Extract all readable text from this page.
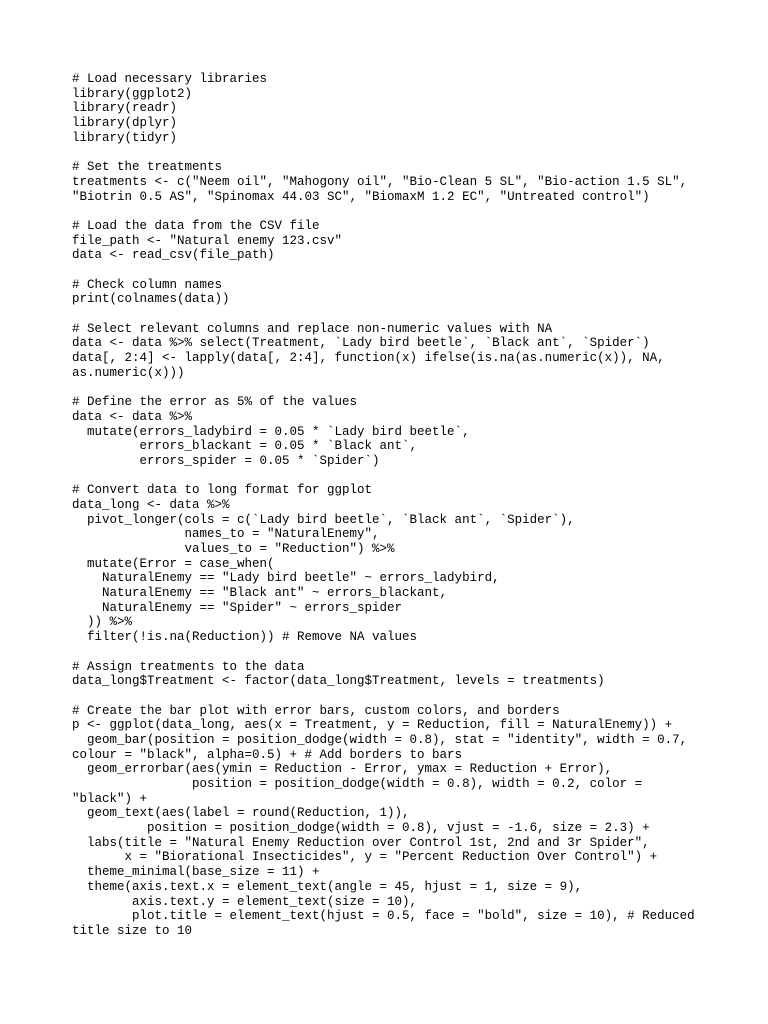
# Load necessary libraries
library(ggplot2)
library(readr)
library(dplyr)
library(tidyr)
# Set the treatments
treatments <- c("Neem oil", "Mahogony oil", "Bio-Clean 5 SL", "Bio-action 1.5 SL",
"Biotrin 0.5 AS", "Spinomax 44.03 SC", "BiomaxM 1.2 EC", "Untreated control")
# Load the data from the CSV file
file_path <- "Natural enemy 123.csv"
data <- read_csv(file_path)
# Check column names
print(colnames(data))
# Select relevant columns and replace non-numeric values with NA
data <- data %>% select(Treatment, `Lady bird beetle`, `Black ant`, `Spider`)
data[, 2:4] <- lapply(data[, 2:4], function(x) ifelse(is.na(as.numeric(x)), NA,
as.numeric(x)))
# Define the error as 5% of the values
data <- data %>%
mutate(errors_ladybird = 0.05 * `Lady bird beetle`,
errors_blackant = 0.05 * `Black ant`,
errors_spider = 0.05 * `Spider`)
# Convert data to long format for ggplot
data_long <- data %>%
pivot_longer(cols = c(`Lady bird beetle`, `Black ant`, `Spider`),
names_to = "NaturalEnemy",
values_to = "Reduction") %>%
mutate(Error = case_when(
NaturalEnemy == "Lady bird beetle" ~ errors_ladybird,
NaturalEnemy == "Black ant" ~ errors_blackant,
NaturalEnemy == "Spider" ~ errors_spider
)) %>%
filter(!is.na(Reduction)) # Remove NA values
# Assign treatments to the data
data_long$Treatment <- factor(data_long$Treatment, levels = treatments)
# Create the bar plot with error bars, custom colors, and borders
p <- ggplot(data_long, aes(x = Treatment, y = Reduction, fill = NaturalEnemy)) +
geom_bar(position = position_dodge(width = 0.8), stat = "identity", width = 0.7,
colour = "black", alpha=0.5) + # Add borders to bars
geom_errorbar(aes(ymin = Reduction - Error, ymax = Reduction + Error),
position = position_dodge(width = 0.8), width = 0.2, color =
"black") +
geom_text(aes(label = round(Reduction, 1)),
position = position_dodge(width = 0.8), vjust = -1.6, size = 2.3) +
labs(title = "Natural Enemy Reduction over Control 1st, 2nd and 3r Spider",
x = "Biorational Insecticides", y = "Percent Reduction Over Control") +
theme_minimal(base_size = 11) +
theme(axis.text.x = element_text(angle = 45, hjust = 1, size = 9),
axis.text.y = element_text(size = 10),
plot.title = element_text(hjust = 0.5, face = "bold", size = 10), # Reduced
title size to 10
